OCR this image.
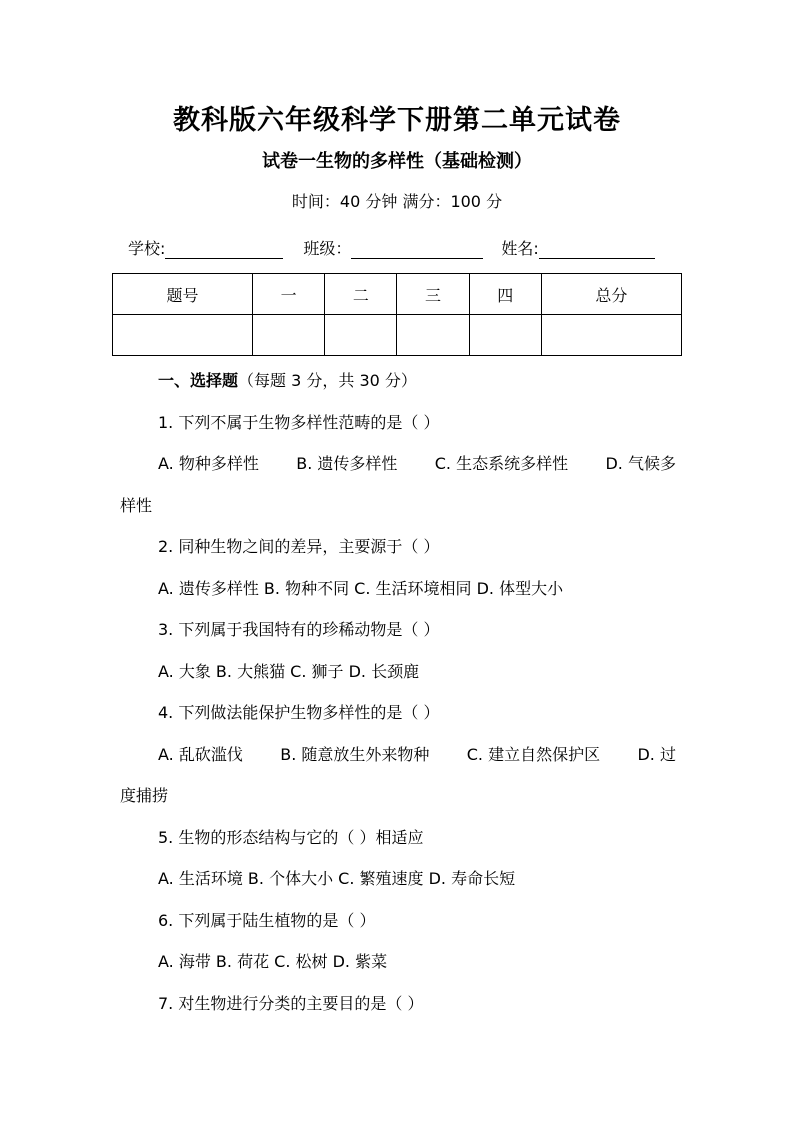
教科版六年级科学下册第二单元试卷
试卷一生物的多样性（基础检测）
时间：40 分钟 满分：100 分
学校:	班级：	姓名:
题号	一	二	三	四	总分

一、选择题（每题 3 分，共 30 分）
1. 下列不属于生物多样性范畴的是（ ）
A. 物种多样性 B. 遗传多样性 C. 生态系统多样性 D. 气候多
样性
2. 同种生物之间的差异，主要源于（ ）
A. 遗传多样性 B. 物种不同 C. 生活环境相同 D. 体型大小
3. 下列属于我国特有的珍稀动物是（ ）
A. 大象 B. 大熊猫 C. 狮子 D. 长颈鹿
4. 下列做法能保护生物多样性的是（ ）
A. 乱砍滥伐 B. 随意放生外来物种 C. 建立自然保护区 D. 过
度捕捞
5. 生物的形态结构与它的（ ）相适应
A. 生活环境 B. 个体大小 C. 繁殖速度 D. 寿命长短
6. 下列属于陆生植物的是（ ）
A. 海带 B. 荷花 C. 松树 D. 紫菜
7. 对生物进行分类的主要目的是（ ）
